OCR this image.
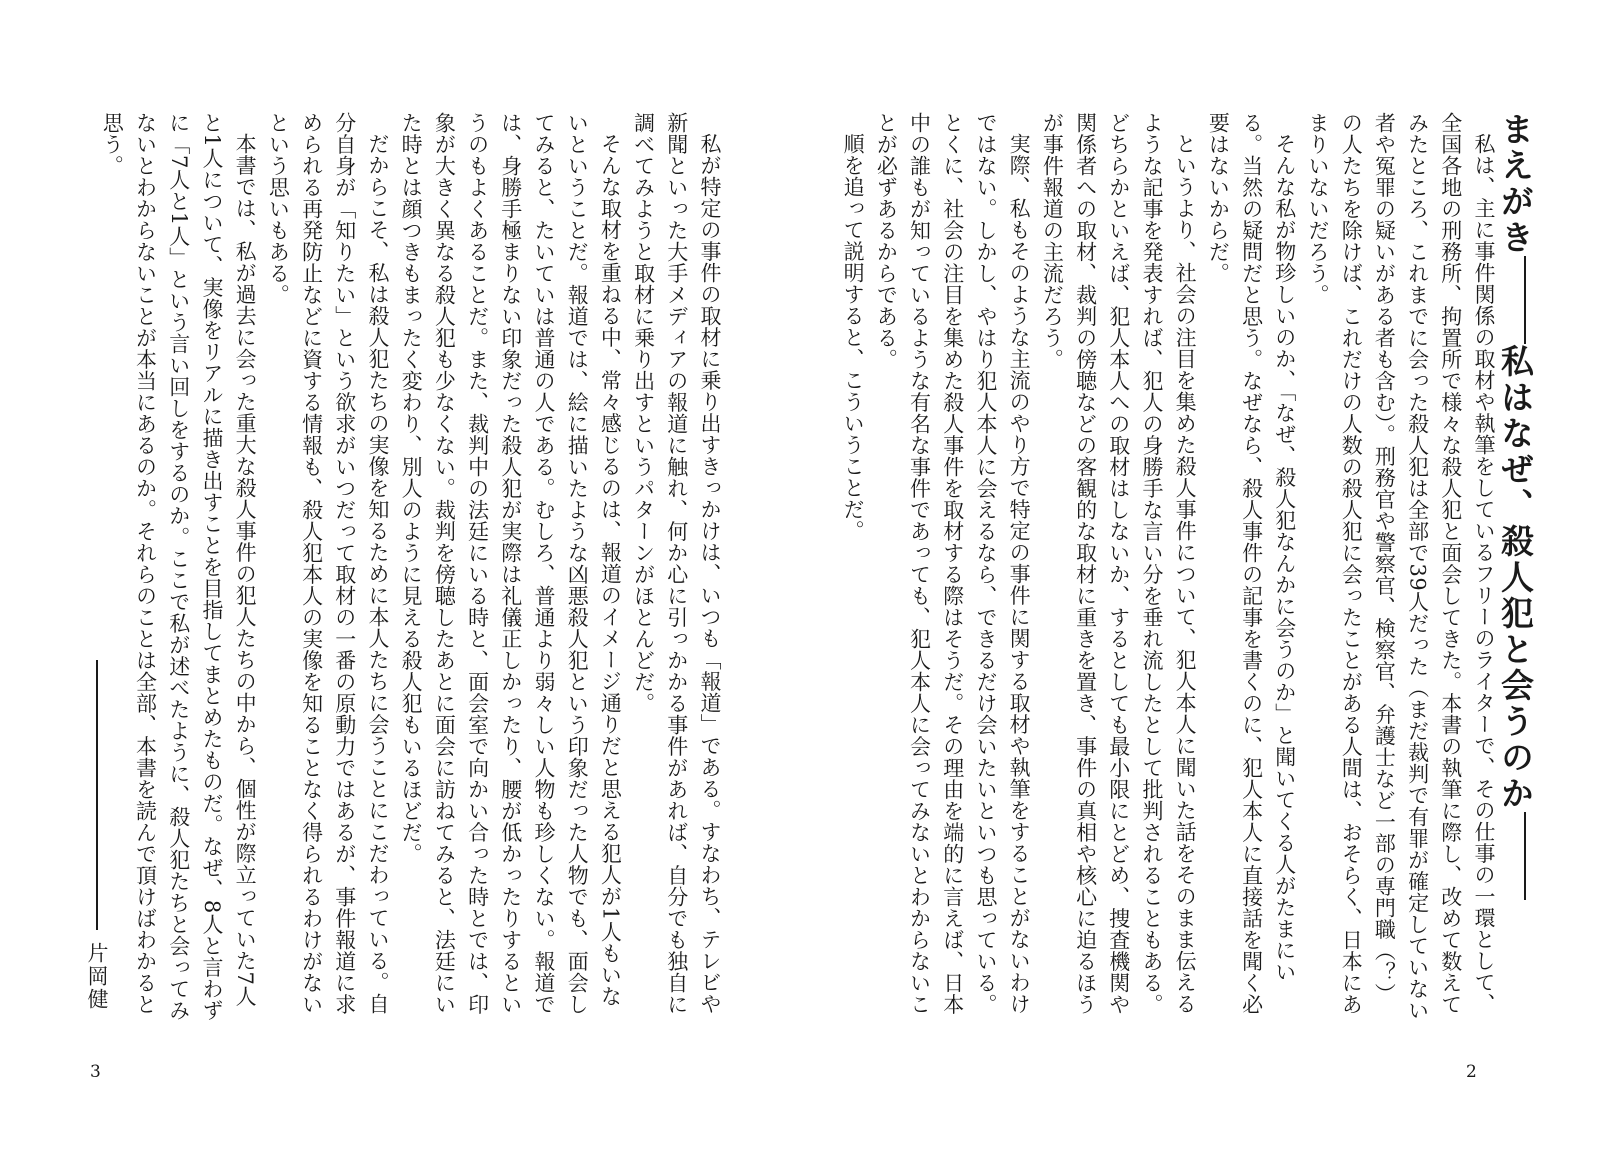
私が特定の事件の取材に乗り出すきっかけは、いつも「報道」である。すなわち、テレビや新聞といった大手メディアの報道に触れ、何か心に引っかかる事件があれば、自分でも独自に調べてみようと取材に乗り出すというパターンがほとんどだ。

そんな取材を重ねる中、常々感じるのは、報道のイメージ通りだと思える犯人が1人もいないということだ。報道では、絵に描いたような凶悪殺人犯という印象だった人物でも、面会してみると、たいていは普通の人である。むしろ、普通より弱々しい人物も珍しくない。報道では、身勝手極まりない印象だった殺人犯が実際は礼儀正しかったり、腰が低かったりするというのもよくあることだ。また、裁判中の法廷にいる時と、面会室で向かい合った時とでは、印象が大きく異なる殺人犯も少なくない。裁判を傍聴したあとに面会に訪ねてみると、法廷にいた時とは顔つきもまったく変わり、別人のように見える殺人犯もいるほどだ。

だからこそ、私は殺人犯たちの実像を知るために本人たちに会うことにこだわっている。自分自身が「知りたい」という欲求がいつだって取材の一番の原動力ではあるが、事件報道に求められる再発防止などに資する情報も、殺人犯本人の実像を知ることなく得られるわけがないという思いもある。

本書では、私が過去に会った重大な殺人事件の犯人たちの中から、個性が際立っていた7人と1人について、実像をリアルに描き出すことを目指してまとめたものだ。なぜ、8人と言わずに「7人と1人」という言い回しをするのか。ここで私が述べたように、殺人犯たちと会ってみないとわからないことが本当にあるのか。それらのことは全部、本書を読んで頂けばわかると思う。

片岡健
3
まえがき私はなぜ、殺人犯と会うのか

私は、主に事件関係の取材や執筆をしているフリーのライターで、その仕事の一環として、全国各地の刑務所、拘置所で様々な殺人犯と面会してきた。本書の執筆に際し、改めて数えてみたところ、これまでに会った殺人犯は全部で39人だった（まだ裁判で有罪が確定していない者や冤罪の疑いがある者も含む）。刑務官や警察官、検察官、弁護士など一部の専門職（？）の人たちを除けば、これだけの人数の殺人犯に会ったことがある人間は、おそらく、日本にあまりいないだろう。

そんな私が物珍しいのか、「なぜ、殺人犯なんかに会うのか」と聞いてくる人がたまにいる。当然の疑問だと思う。なぜなら、殺人事件の記事を書くのに、犯人本人に直接話を聞く必要はないからだ。

というより、社会の注目を集めた殺人事件について、犯人本人に聞いた話をそのまま伝えるような記事を発表すれば、犯人の身勝手な言い分を垂れ流したとして批判されることもある。どちらかといえば、犯人本人への取材はしないか、するとしても最小限にとどめ、捜査機関や関係者への取材、裁判の傍聴などの客観的な取材に重きを置き、事件の真相や核心に迫るほうが事件報道の主流だろう。

実際、私もそのような主流のやり方で特定の事件に関する取材や執筆をすることがないわけではない。しかし、やはり犯人本人に会えるなら、できるだけ会いたいといつも思っている。とくに、社会の注目を集めた殺人事件を取材する際はそうだ。その理由を端的に言えば、日本中の誰もが知っているような有名な事件であっても、犯人本人に会ってみないとわからないことが必ずあるからである。

順を追って説明すると、こういうことだ。

2
